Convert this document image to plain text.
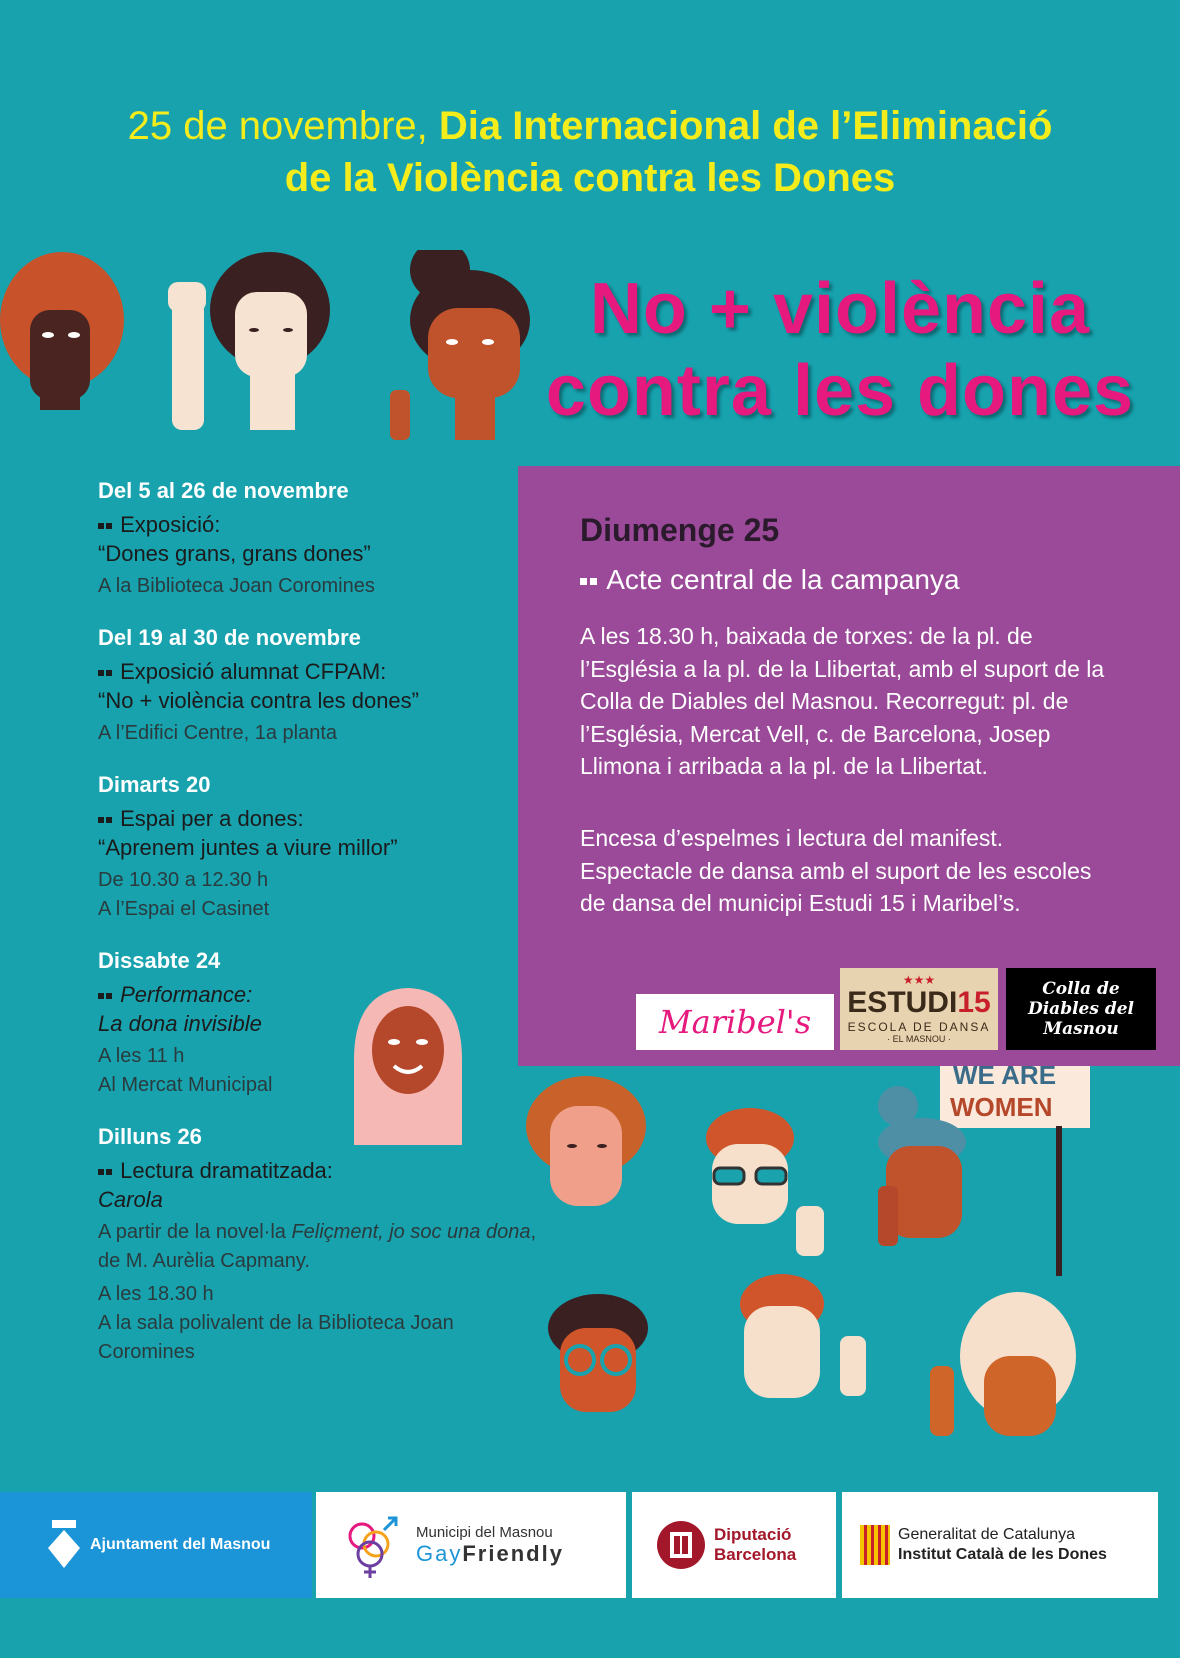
25 de novembre, Dia Internacional de l’Eliminació
de la Violència contra les Dones
No + violència
contra les dones
Del 5 al 26 de novembre
Exposició:
“Dones grans, grans dones”
A la Biblioteca Joan Coromines
Del 19 al 30 de novembre
Exposició alumnat CFPAM:
“No + violència contra les dones”
A l’Edifici Centre, 1a planta
Dimarts 20
Espai per a dones:
“Aprenem juntes a viure millor”
De 10.30 a 12.30 h
A l’Espai el Casinet
Dissabte 24
Performance:
La dona invisible
A les 11 h
Al Mercat Municipal
Dilluns 26
Lectura dramatitzada:
Carola
A partir de la novel·la Feliçment, jo soc una dona, de M. Aurèlia Capmany.
A les 18.30 h
A la sala polivalent de la Biblioteca Joan Coromines
Diumenge 25
Acte central de la campanya
A les 18.30 h, baixada de torxes: de la pl. de l’Església a la pl. de la Llibertat, amb el suport de la Colla de Diables del Masnou. Recorregut: pl. de l’Església, Mercat Vell, c. de Barcelona, Josep Llimona i arribada a la pl. de la Llibertat.
Encesa d’espelmes i lectura del manifest. Espectacle de dansa amb el suport de les escoles de dansa del municipi Estudi 15 i Maribel’s.
Maribel's
★★★
ESTUDI15
ESCOLA DE DANSA
· EL MASNOU ·
Colla de Diables del Masnou
WE ARE
WOMEN
Ajuntament del Masnou
Municipi del Masnou
GayFriendly
Diputació
Barcelona
Generalitat de Catalunya
Institut Català de les Dones
